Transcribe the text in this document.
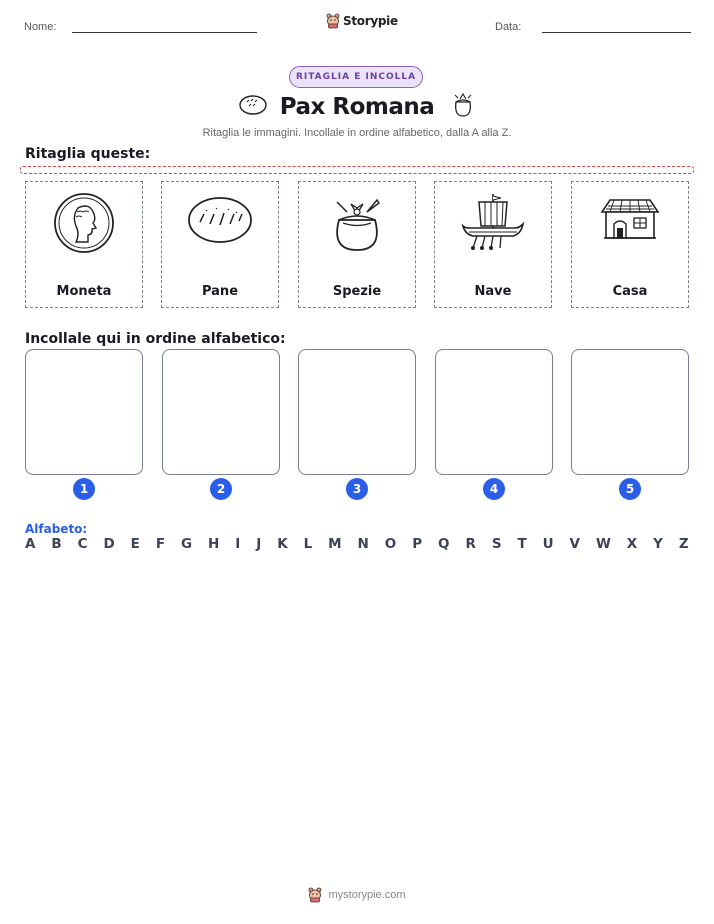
Nome:	Storypie	Data:
RITAGLIA E INCOLLA
Pax Romana
Ritaglia le immagini. Incollale in ordine alfabetico, dalla A alla Z.
Ritaglia queste:
Moneta	Pane	Spezie	Nave	Casa
Incollale qui in ordine alfabetico:
1	2	3	4	5
Alfabeto:
A B C D E F G H I J K L M N O P Q R S T U V W X Y Z
mystorypie.com
